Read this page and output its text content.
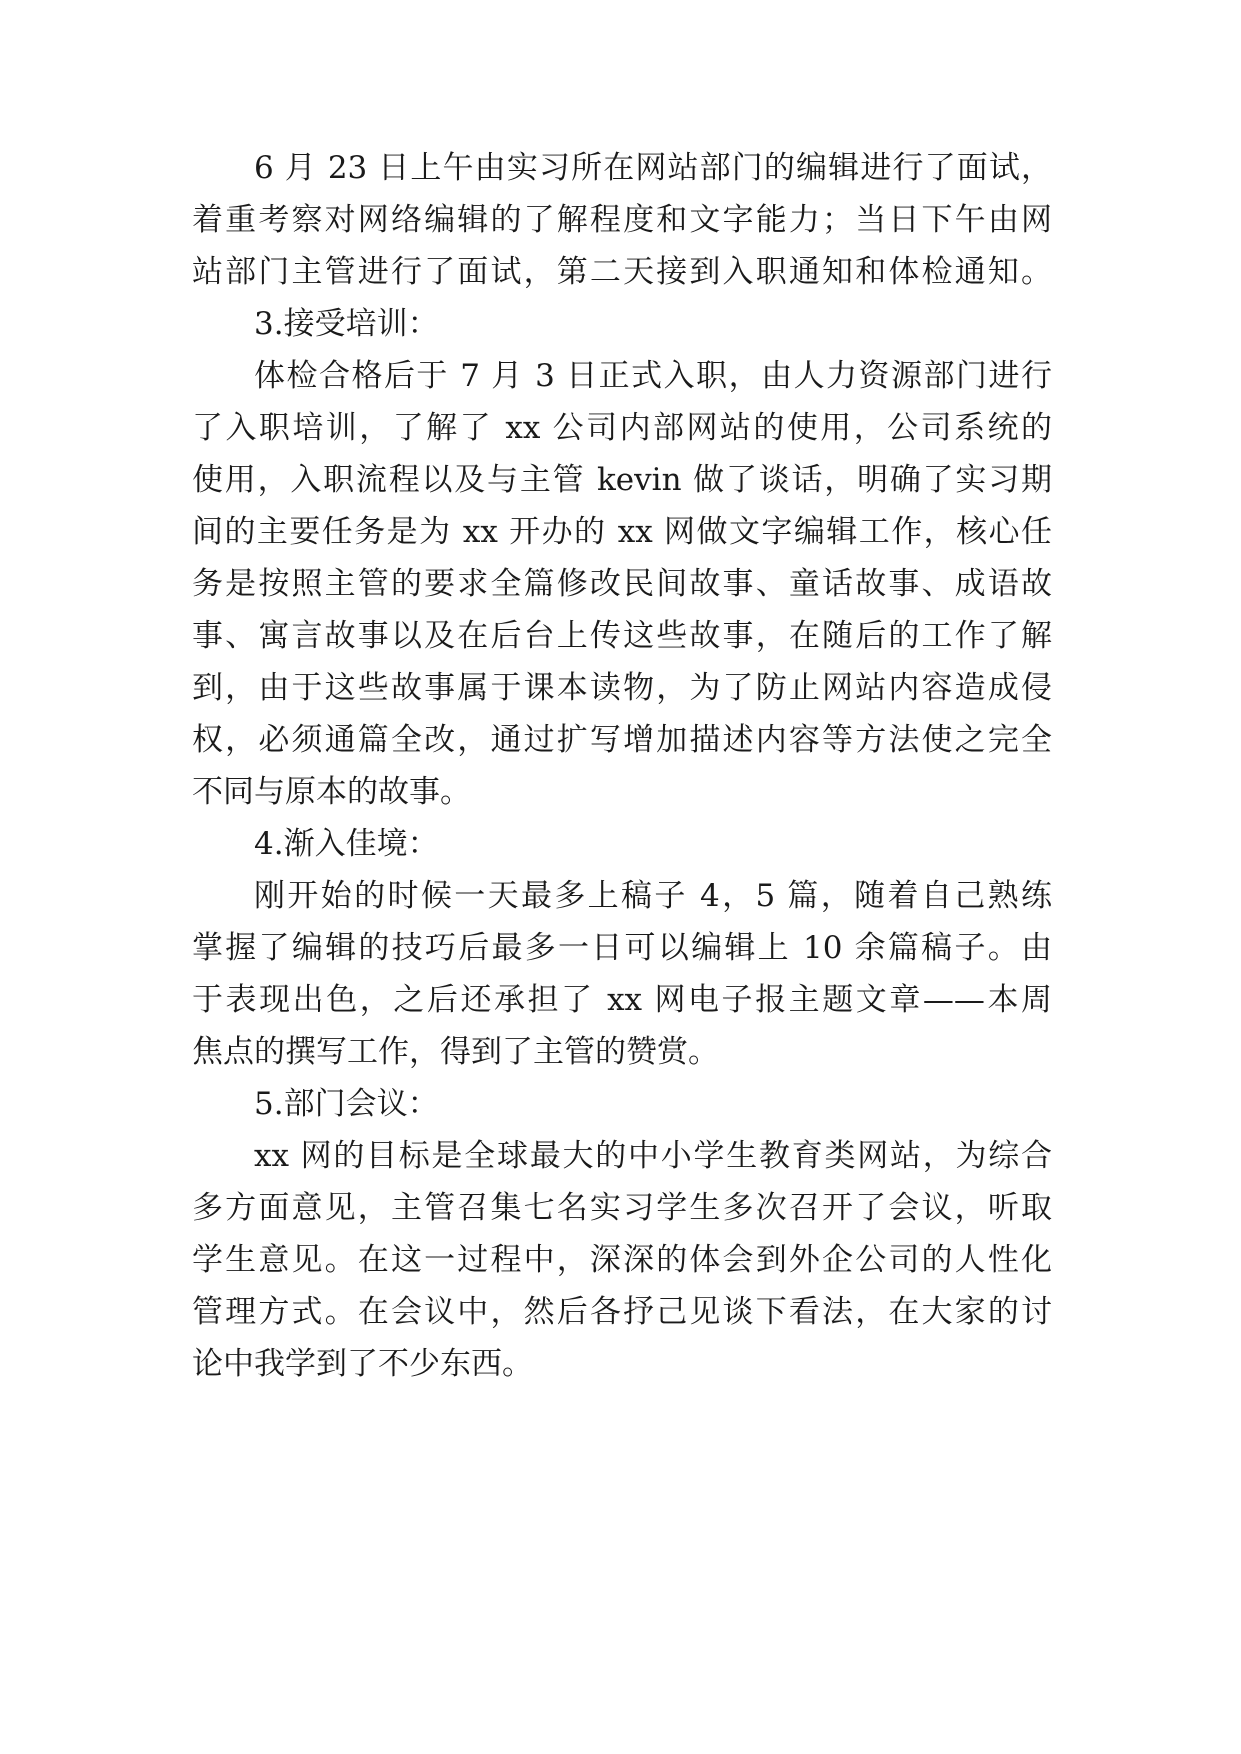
6 月 23 日上午由实习所在网站部门的编辑进行了面试，
着重考察对网络编辑的了解程度和文字能力；当日下午由网
站部门主管进行了面试，第二天接到入职通知和体检通知。
3.接受培训：
体检合格后于 7 月 3 日正式入职，由人力资源部门进行
了入职培训，了解了 xx 公司内部网站的使用，公司系统的
使用，入职流程以及与主管 kevin 做了谈话，明确了实习期
间的主要任务是为 xx 开办的 xx 网做文字编辑工作，核心任
务是按照主管的要求全篇修改民间故事、童话故事、成语故
事、寓言故事以及在后台上传这些故事，在随后的工作了解
到，由于这些故事属于课本读物，为了防止网站内容造成侵
权，必须通篇全改，通过扩写增加描述内容等方法使之完全
不同与原本的故事。
4.渐入佳境：
刚开始的时候一天最多上稿子 4，5 篇，随着自己熟练
掌握了编辑的技巧后最多一日可以编辑上 10 余篇稿子。由
于表现出色，之后还承担了 xx 网电子报主题文章——本周
焦点的撰写工作，得到了主管的赞赏。
5.部门会议：
xx 网的目标是全球最大的中小学生教育类网站，为综合
多方面意见，主管召集七名实习学生多次召开了会议，听取
学生意见。在这一过程中，深深的体会到外企公司的人性化
管理方式。在会议中，然后各抒己见谈下看法，在大家的讨
论中我学到了不少东西。
